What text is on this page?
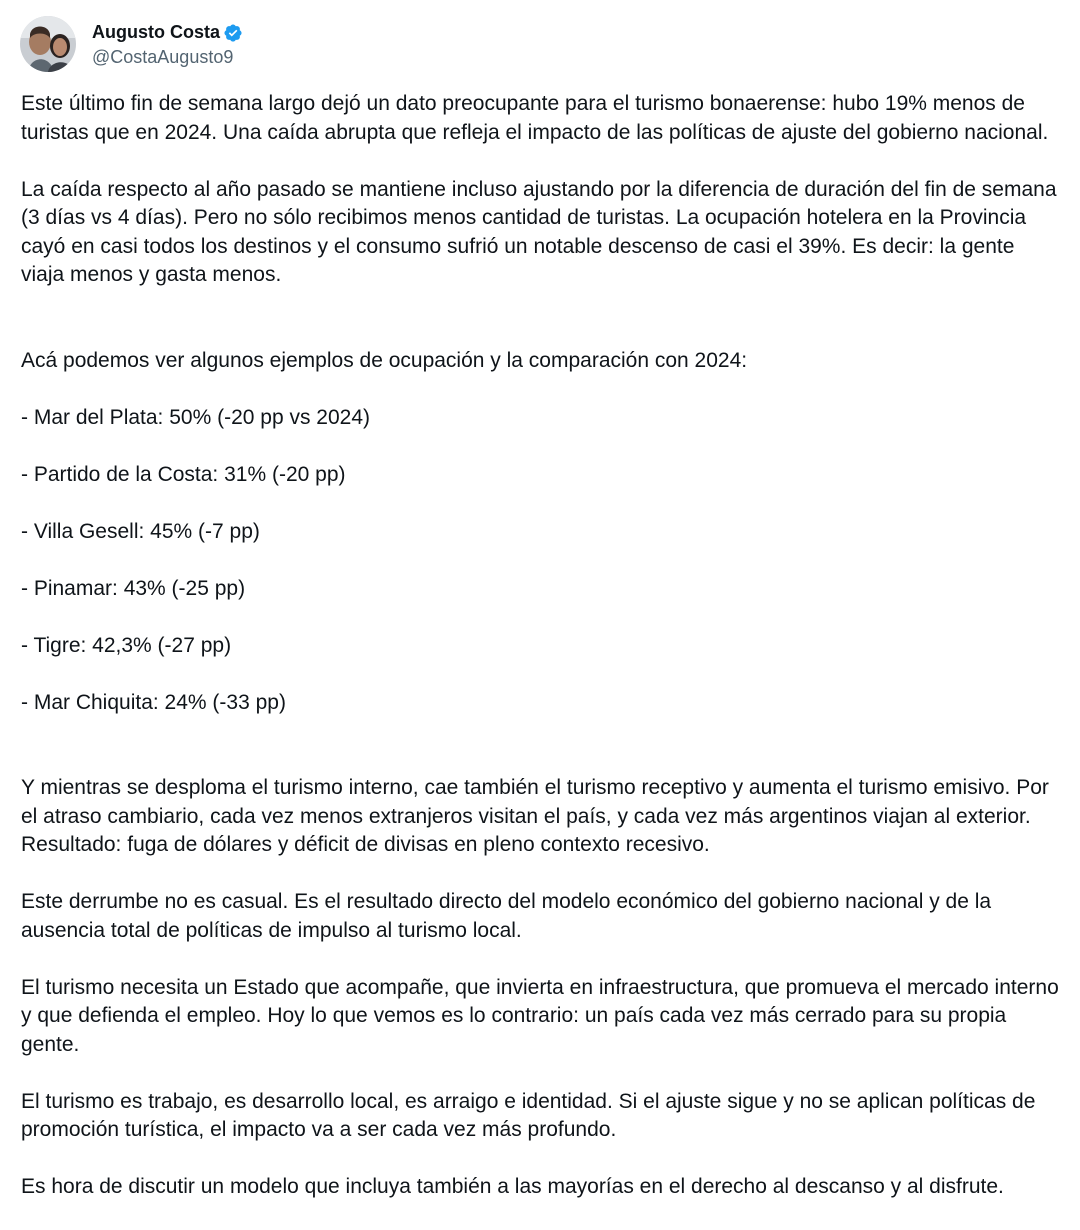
Augusto Costa
@CostaAugusto9

Este último fin de semana largo dejó un dato preocupante para el turismo bonaerense: hubo 19% menos de turistas que en 2024. Una caída abrupta que refleja el impacto de las políticas de ajuste del gobierno nacional.

La caída respecto al año pasado se mantiene incluso ajustando por la diferencia de duración del fin de semana (3 días vs 4 días). Pero no sólo recibimos menos cantidad de turistas. La ocupación hotelera en la Provincia cayó en casi todos los destinos y el consumo sufrió un notable descenso de casi el 39%. Es decir: la gente viaja menos y gasta menos.

Acá podemos ver algunos ejemplos de ocupación y la comparación con 2024:

- Mar del Plata: 50% (-20 pp vs 2024)

- Partido de la Costa: 31% (-20 pp)

- Villa Gesell: 45% (-7 pp)

- Pinamar: 43% (-25 pp)

- Tigre: 42,3% (-27 pp)

- Mar Chiquita: 24% (-33 pp)

Y mientras se desploma el turismo interno, cae también el turismo receptivo y aumenta el turismo emisivo. Por el atraso cambiario, cada vez menos extranjeros visitan el país, y cada vez más argentinos viajan al exterior. Resultado: fuga de dólares y déficit de divisas en pleno contexto recesivo.

Este derrumbe no es casual. Es el resultado directo del modelo económico del gobierno nacional y de la ausencia total de políticas de impulso al turismo local.

El turismo necesita un Estado que acompañe, que invierta en infraestructura, que promueva el mercado interno y que defienda el empleo. Hoy lo que vemos es lo contrario: un país cada vez más cerrado para su propia gente.

El turismo es trabajo, es desarrollo local, es arraigo e identidad. Si el ajuste sigue y no se aplican políticas de promoción turística, el impacto va a ser cada vez más profundo.

Es hora de discutir un modelo que incluya también a las mayorías en el derecho al descanso y al disfrute.
